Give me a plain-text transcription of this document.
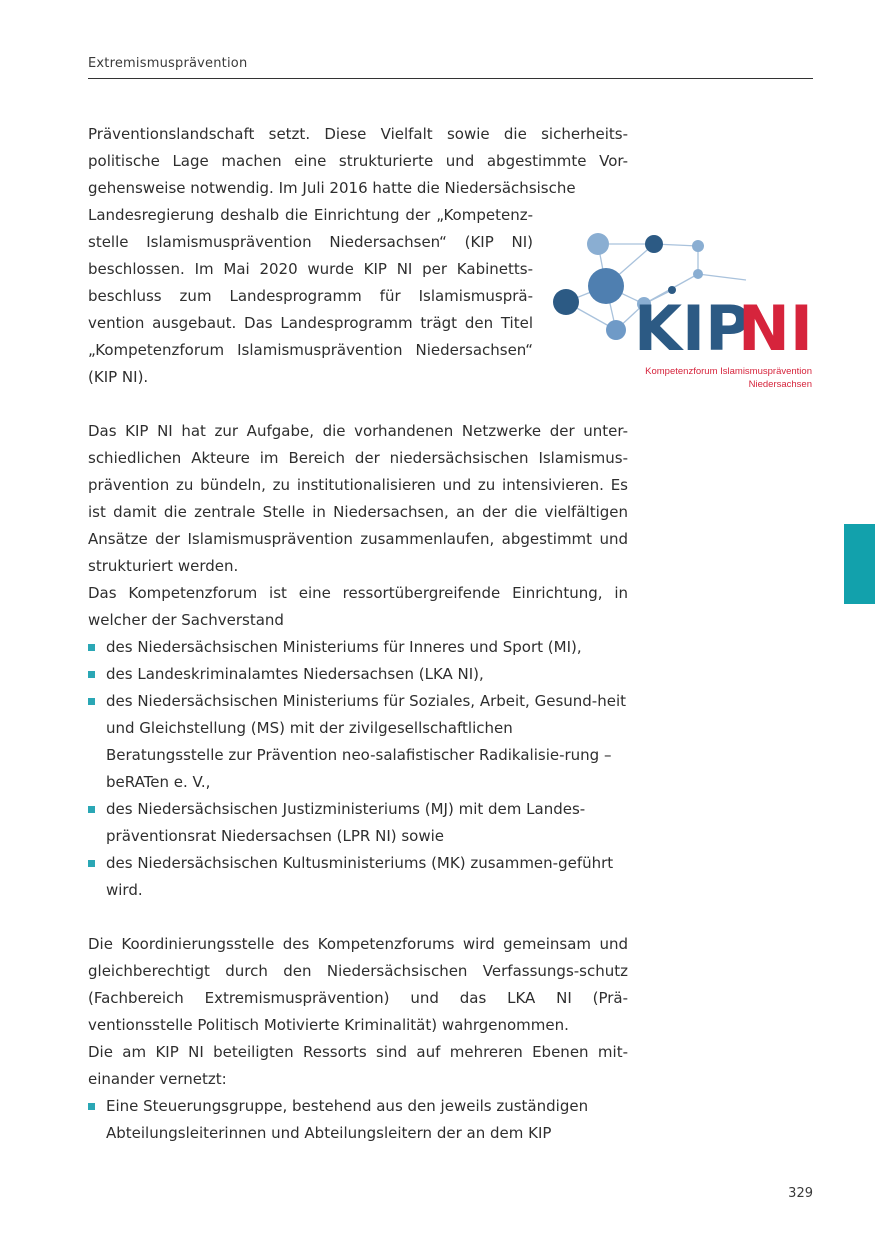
Extremismusprävention
KIP
NI
Kompetenzforum Islamismusprävention
Niedersachsen

Präventionslandschaft setzt. Diese Vielfalt sowie die sicherheits-politische Lage machen eine strukturierte und abgestimmte Vor-gehensweise notwendig. Im Juli 2016 hatte die Niedersächsische

Landesregierung deshalb die Einrichtung der „Kompetenz-stelle Islamismusprävention Niedersachsen“ (KIP NI) beschlossen. Im Mai 2020 wurde KIP NI per Kabinetts-beschluss zum Landesprogramm für Islamismusprä-vention ausgebaut. Das Landesprogramm trägt den Titel „Kompetenzforum Islamismusprävention Niedersachsen“ (KIP NI).

Das KIP NI hat zur Aufgabe, die vorhandenen Netzwerke der unter-schiedlichen Akteure im Bereich der niedersächsischen Islamismus-prävention zu bündeln, zu institutionalisieren und zu intensivieren. Es ist damit die zentrale Stelle in Niedersachsen, an der die vielfältigen Ansätze der Islamismusprävention zusammenlaufen, abgestimmt und strukturiert werden.

Das Kompetenzforum ist eine ressortübergreifende Einrichtung, in welcher der Sachverstand

des Niedersächsischen Ministeriums für Inneres und Sport (MI),
des Landeskriminalamtes Niedersachsen (LKA NI),
des Niedersächsischen Ministeriums für Soziales, Arbeit, Gesund-heit und Gleichstellung (MS) mit der zivilgesellschaftlichen Beratungsstelle zur Prävention neo-salafistischer Radikalisie-rung – beRATen e. V.,
des Niedersächsischen Justizministeriums (MJ) mit dem Landes-präventionsrat Niedersachsen (LPR NI) sowie
des Niedersächsischen Kultusministeriums (MK) zusammen-geführt wird.

Die Koordinierungsstelle des Kompetenzforums wird gemeinsam und gleichberechtigt durch den Niedersächsischen Verfassungs-schutz (Fachbereich Extremismusprävention) und das LKA NI (Prä-ventionsstelle Politisch Motivierte Kriminalität) wahrgenommen.

Die am KIP NI beteiligten Ressorts sind auf mehreren Ebenen mit-einander vernetzt:

Eine Steuerungsgruppe, bestehend aus den jeweils zuständigen Abteilungsleiterinnen und Abteilungsleitern der an dem KIP
329
